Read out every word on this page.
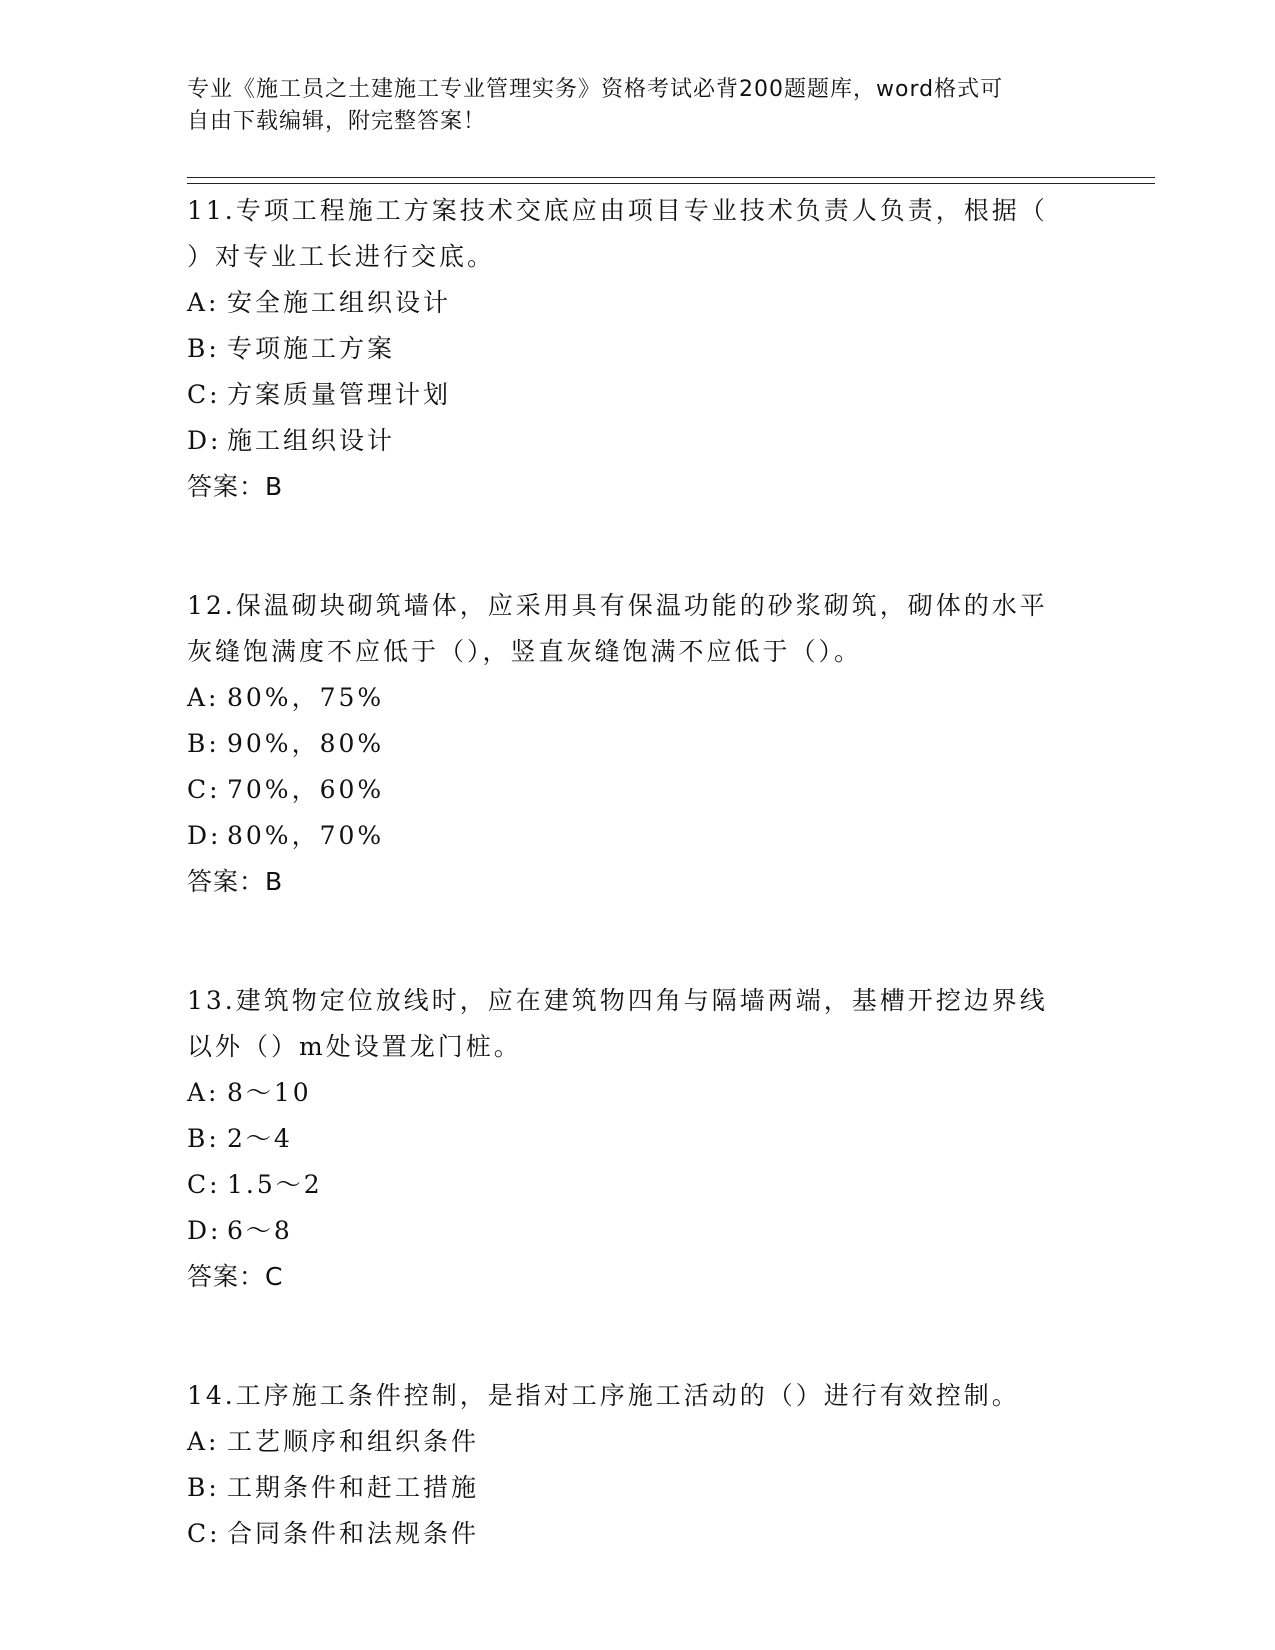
专业《施工员之土建施工专业管理实务》资格考试必背200题题库，word格式可
自由下载编辑，附完整答案！
11.专项工程施工方案技术交底应由项目专业技术负责人负责，根据（
）对专业工长进行交底。
A: 安全施工组织设计
B: 专项施工方案
C: 方案质量管理计划
D: 施工组织设计
答案：B
12.保温砌块砌筑墙体，应采用具有保温功能的砂浆砌筑，砌体的水平
灰缝饱满度不应低于（），竖直灰缝饱满不应低于（）。
A: 80%，75%
B: 90%，80%
C: 70%，60%
D: 80%，70%
答案：B
13.建筑物定位放线时，应在建筑物四角与隔墙两端，基槽开挖边界线
以外（）m处设置龙门桩。
A: 8～10
B: 2～4
C: 1.5～2
D: 6～8
答案：C
14.工序施工条件控制，是指对工序施工活动的（）进行有效控制。
A: 工艺顺序和组织条件
B: 工期条件和赶工措施
C: 合同条件和法规条件
